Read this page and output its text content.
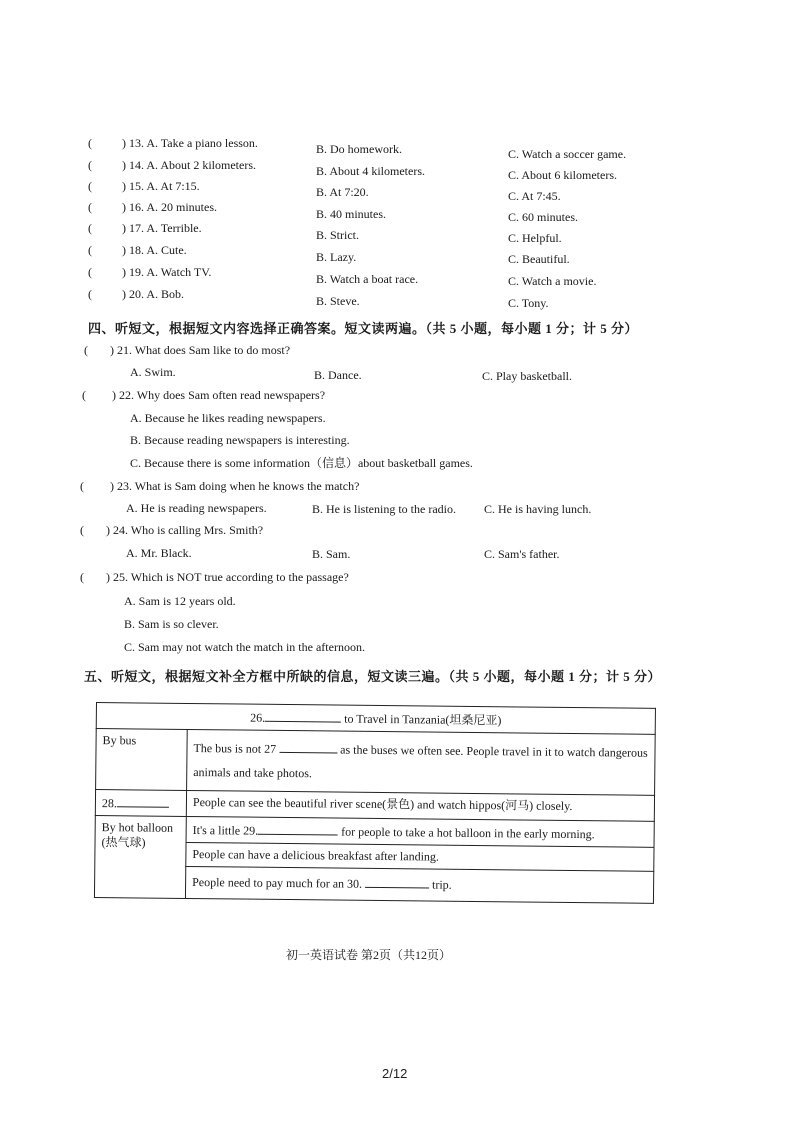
(	) 13. A. Take a piano lesson.	B. Do homework.	C. Watch a soccer game.
(	) 14. A. About 2 kilometers.	B. About 4 kilometers.	C. About 6 kilometers.
(	) 15. A. At 7:15.	B. At 7:20.	C. At 7:45.
(	) 16. A. 20 minutes.	B. 40 minutes.	C. 60 minutes.
(	) 17. A. Terrible.	B. Strict.	C. Helpful.
(	) 18. A. Cute.	B. Lazy.	C. Beautiful.
(	) 19. A. Watch TV.	B. Watch a boat race.	C. Watch a movie.
(	) 20. A. Bob.	B. Steve.	C. Tony.
四、听短文，根据短文内容选择正确答案。短文读两遍。（共 5 小题，每小题 1 分；计 5 分）
( ) 21. What does Sam like to do most?
A. Swim.	B. Dance.	C. Play basketball.
( ) 22. Why does Sam often read newspapers?
A. Because he likes reading newspapers.
B. Because reading newspapers is interesting.
C. Because there is some information（信息）about basketball games.
( ) 23. What is Sam doing when he knows the match?
A. He is reading newspapers.	B. He is listening to the radio. C. He is having lunch.
( ) 24. Who is calling Mrs. Smith?
A. Mr. Black.	B. Sam.	C. Sam's father.
( ) 25. Which is NOT true according to the passage?
A. Sam is 12 years old.
B. Sam is so clever.
C. Sam may not watch the match in the afternoon.
五、听短文，根据短文补全方框中所缺的信息，短文读三遍。（共 5 小题，每小题 1 分；计 5 分）
26. to Travel in Tanzania(坦桑尼亚)	
By bus	The bus is not 27 as the buses we often see. People travel in it to watch dangerous animals and take photos.
28.	People can see the beautiful river scene(景色) and watch hippos(河马) closely.

By hot balloon
(热气球)	It's a little 29. for people to take a hot balloon in the early morning.
	People can have a delicious breakfast after landing.
	People need to pay much for an 30. trip.
初一英语试卷 第2页（共12页）
2/12
